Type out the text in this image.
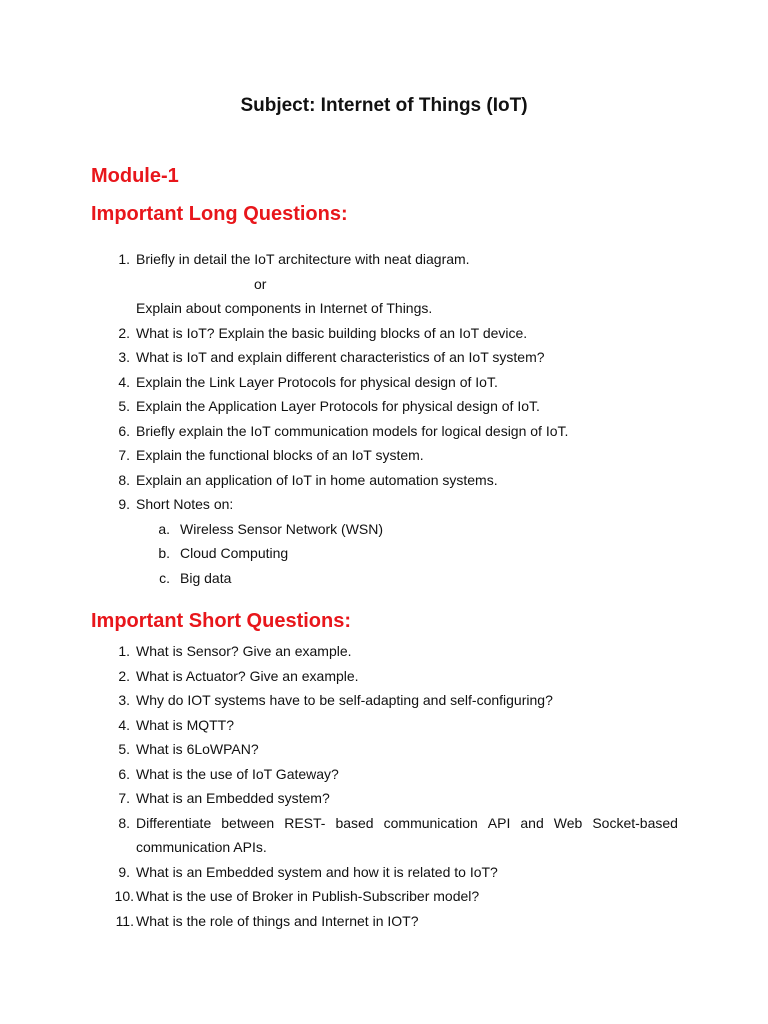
Subject: Internet of Things (IoT)
Module-1
Important Long Questions:
1. Briefly in detail the IoT architecture with neat diagram.
or
Explain about components in Internet of Things.
2. What is IoT? Explain the basic building blocks of an IoT device.
3. What is IoT and explain different characteristics of an IoT system?
4. Explain the Link Layer Protocols for physical design of IoT.
5. Explain the Application Layer Protocols for physical design of IoT.
6. Briefly explain the IoT communication models for logical design of IoT.
7. Explain the functional blocks of an IoT system.
8. Explain an application of IoT in home automation systems.
9. Short Notes on:
a. Wireless Sensor Network (WSN)
b. Cloud Computing
c. Big data
Important Short Questions:
1. What is Sensor? Give an example.
2. What is Actuator? Give an example.
3. Why do IOT systems have to be self-adapting and self-configuring?
4. What is MQTT?
5. What is 6LoWPAN?
6. What is the use of IoT Gateway?
7. What is an Embedded system?
8. Differentiate between REST- based communication API and Web Socket-based
communication APIs.
9. What is an Embedded system and how it is related to IoT?
10. What is the use of Broker in Publish-Subscriber model?
11. What is the role of things and Internet in IOT?
